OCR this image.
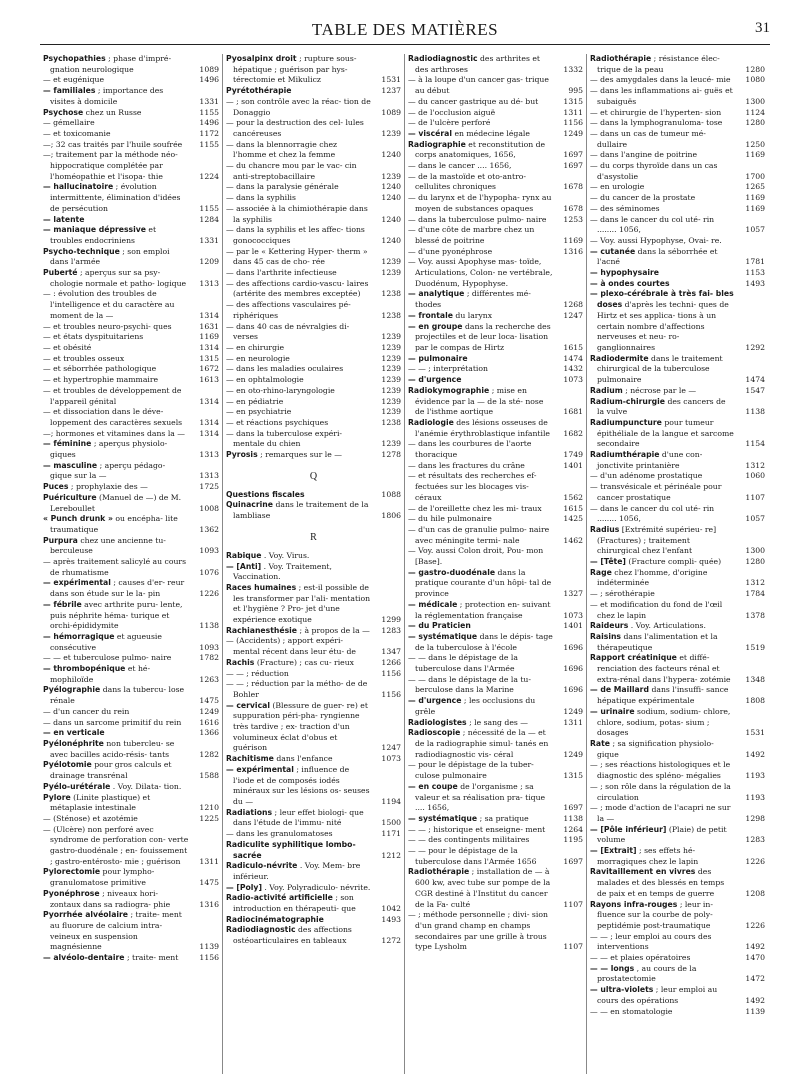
TABLE DES MATIÈRES	31

Psychopathies ; phase d'impré- gnation neurologique	1089

— et eugénique	1496

— familiales ; importance des visites à domicile	1331

Psychose chez un Russe	1155

— gémellaire	1496

— et toxicomanie	1172

—; 32 cas traités par l'huile soufrée 1155

—; traitement par la méthode néo-hippocratique complétée par l'homéopathie et l'isopa- thie	1224

— hallucinatoire ; évolution intermittente, élimination d'idées de persécution	1155

— latente	1284

— maniaque dépressive et troubles endocriniens	1331

Psycho-technique ; son emploi dans l'armée	1209

Puberté ; aperçus sur sa psy- chologie normale et patho- logique 1313

— : évolution des troubles de l'intelligence et du caractère au moment de la —	1314

— et troubles neuro-psychi- ques	1631

— et états dyspituitariens	1169

— et obésité	1314

— et troubles osseux	1315

— et séborrhée pathologique	1672

— et hypertrophie mammaire	1613

— et troubles de développement de l'appareil génital	1314

— et dissociation dans le déve- loppement des caractères sexuels 1314

—; hormones et vitamines dans la — 1314

— féminine ; aperçus physiolo- giques	1313

— masculine ; aperçu pédago- gique sur la —	1313

Puces ; prophylaxie des —	1725

Puériculture (Manuel de —) de M. Lereboullet	1008

« Punch drunk » ou encépha- lite traumatique	1362

Purpura chez une ancienne tu- berculeuse	1093

— après traitement salicylé au cours de rhumatisme	1076

— expérimental ; causes d'er- reur dans son étude sur le la- pin	1226

— fébrile avec arthrite puru- lente, puis néphrite héma- turique et orchi-épididymite	1138

— hémorragique et agueusie consécutive	1093

— — et tuberculose pulmo- naire	1782

— thrombopénique et hé- mophiloïde	1263

Pyélographie dans la tubercu- lose rénale	1475

— d'un cancer du rein	1249

— dans un sarcome primitif du rein 1616

— en verticale	1366

Pyélonéphrite non tubercleu- se avec bacilles acido-résis- tants	1282

Pyélotomie pour gros calculs et drainage transrénal	1588

Pyélo-urétérale . Voy. Dilata- tion.

Pylore (Linite plastique) et métaplasie intestinale	1210

— (Sténose) et azotémie	1225

— (Ulcère) non perforé avec syndrome de perforation con- verte gastro-duodénale ; en- fouissement ; gastro-entérosto- mie ; guérison 1311

Pylorectomie pour lympho- granulomatose primitive	1475

Pyonéphrose ; niveaux hori- zontaux dans sa radiogra- phie	1316

Pyorrhée alvéolaire ; traite- ment au fluorure de calcium intra-veineux en suspension magnésienne	1139

— alvéolo-dentaire ; traite- ment	1156

Pyosalpinx droit ; rupture sous- hépatique ; guérison par hys- térectomie et Mikulicz	1531

Pyrétothérapie	1237

— ; son contrôle avec la réac- tion de Donaggio	1089

— pour la destruction des cel- lules cancéreuses	1239

— dans la blennorragie chez l'homme et chez la femme	1240

— du chancre mou par le vac- cin anti-streptobacillaire	1239

— dans la paralysie générale	1240

— dans la syphilis	1240

— associée à la chimiothérapie dans la syphilis	1240

— dans la syphilis et les affec- tions gonococciques	1240

— par le « Kettering Hyper- therm » dans 45 cas de cho- rée	1239

— dans l'arthrite infectieuse	1239

— des affections cardio-vascu- laires (artérite des membres exceptée)	1238

— des affections vasculaires pé- riphériques	1238

— dans 40 cas de névralgies di- verses	1239

— en chirurgie	1239

— en neurologie	1239

— dans les maladies oculaires	1239

— en ophtalmologie	1239

— en oto-rhino-laryngologie	1239

— en pédiatrie	1239

— en psychiatrie	1239

— et réactions psychiques	1238

— dans la tuberculose expéri- mentale du chien	1239

Pyrosis ; remarques sur le —	1278

Q

Questions fiscales	1088

Quinacrine dans le traitement de la lambliase	1806

R

Rabique . Voy. Virus.

— [Anti] . Voy. Traitement, Vaccination.

Races humaines ; est-il possible de les transformer par l'ali- mentation et l'hygiène ? Pro- jet d'une expérience exotique	1299

Rachianesthésie ; à propos de la — 1283

— (Accidents) ; apport expéri- mental récent dans leur étu- de	1347

Rachis (Fracture) ; cas cu- rieux	1266

— — ; réduction	1156

— — ; réduction par la métho- de de Bohler	1156

— cervical (Blessure de guer- re) et suppuration péri-pha- ryngienne très tardive ; ex- traction d'un volumineux éclat d'obus et guérison	1247

Rachitisme dans l'enfance	1073

— expérimental ; influence de l'iode et de composés iodés minéraux sur les lésions os- seuses du —	1194

Radiations ; leur effet biologi- que dans l'étude de l'immu- nité	1500

— dans les granulomatoses	1171

Radiculite syphilitique lombo- sacrée	1212

Radiculo-névrite . Voy. Mem- bre inférieur.

— [Poly] . Voy. Polyradiculo- névrite.

Radio-activité artificielle ; son introduction en thérapeuti- que	1042

Radiocinématographie	1493

Radiodiagnostic des affections ostéoarticulaires en tableaux	1272

Radiodiagnostic des arthrites et des arthroses	1332

— à la loupe d'un cancer gas- trique au début	995

— du cancer gastrique au dé- but	1315

— de l'occlusion aiguë	1311

— de l'ulcère perforé	1156

— viscéral en médecine légale	1249

Radiographie et reconstitution de corps anatomiques, 1656,	1697

— dans le cancer .... 1656,	1697

— de la mastoïde et oto-antro- cellulites chroniques	1678

— du larynx et de l'hypopha- rynx au moyen de substances opaques	1678

— dans la tuberculose pulmo- naire 1253

— d'une côte de marbre chez un blessé de poitrine	1169

— d'une pyonéphrose	1316

— Voy. aussi Apophyse mas- toïde, Articulations, Colon- ne vertébrale, Duodénum, Hypophyse.

— analytique ; différentes mé- thodes	1268

— frontale du larynx	1247

— en groupe dans la recherche des projectiles et de leur loca- lisation par le compas de Hirtz	1615

— pulmonaire	1474

— — ; interprétation	1432

— d'urgence	1073

Radiokymographie ; mise en évidence par la — de la sté- nose de l'isthme aortique	1681

Radiologie des lésions osseuses de l'anémie érythroblastique infantile 1682

— dans les courbures de l'aorte thoracique	1749

— dans les fractures du crâne	1401

— et résultats des recherches ef- fectuées sur les blocages vis- céraux	1562

— de l'oreillette chez les mi- traux	1615

— du hile pulmonaire	1425

— d'un cas de granulie pulmo- naire avec méningite termi- nale	1462

— Voy. aussi Colon droit, Pou- mon [Base].

— gastro-duodénale dans la pratique courante d'un hôpi- tal de province	1327

— médicale ; protection en- suivant la réglementation française	1073

— du Praticien	1401

— systématique dans le dépis- tage de la tuberculose à l'école	1696

— — dans le dépistage de la tuberculose dans l'Armée	1696

— — dans le dépistage de la tu- berculose dans la Marine	1696

— d'urgence ; les occlusions du grêle	1249

Radiologistes ; le sang des —	1311

Radioscopie ; nécessité de la — et de la radiographie simul- tanés en radiodiagnostic vis- céral	1249

— pour le dépistage de la tuber- culose pulmonaire	1315

— en coupe de l'organisme ; sa valeur et sa réalisation pra- tique .... 1656,	1697

— systématique ; sa pratique	1138

— — ; historique et enseigne- ment 1264

— — des contingents militaires	1195

— — pour le dépistage de la tuberculose dans l'Armée 1656	1697

Radiothérapie ; installation de — à 600 kw, avec tube sur pompe de la CGR destiné à l'Institut du cancer de la Fa- culté	1107

— ; méthode personnelle ; divi- sion d'un grand champ en champs secondaires par une grille à trous type Lysholm	1107

Radiothérapie ; résistance élec- trique de la peau	1280

— des amygdales dans la leucé- mie 1080

— dans les inflammations ai- guës et subaiguës	1300

— et chirurgie de l'hyperten- sion	1124

— dans la lymphogranuloma- tose	1280

— dans un cas de tumeur mé- dullaire	1250

— dans l'angine de poitrine	1169

— du corps thyroïde dans un cas d'asystolie	1700

— en urologie	1265

— du cancer de la prostate	1169

— des séminomes	1169

— dans le cancer du col uté- rin ........ 1056,	1057

— Voy. aussi Hypophyse, Ovai- re.

— cutanée dans la séborrhée et l'acné	1781

— hypophysaire	1153

— à ondes courtes	1493

— plexo-cérébrale à très fai- bles doses d'après les techni- ques de Hirtz et ses applica- tions à un certain nombre d'affections nerveuses et neu- ro-ganglionnaires	1292

Radiodermite dans le traitement chirurgical de la tuberculose pulmonaire	1474

Radium ; nécrose par le —	1547

Radium-chirurgie des cancers de la vulve	1138

Radiumpuncture pour tumeur épithéliale de la langue et sarcome secondaire	1154

Radiumthérapie d'une con- jonctivite printanière	1312

— d'un adénome prostatique	1060

— transvésicale et périnéale pour cancer prostatique	1107

— dans le cancer du col uté- rin ........ 1056,	1057

Radius [Extrémité supérieu- re] (Fractures) ; traitement chirurgical chez l'enfant	1300

— [Tête] (Fracture compli- quée)	1280

Rage chez l'homme, d'origine indéterminée	1312

— ; sérothérapie	1784

— et modification du fond de l'œil chez le lapin	1378

Raideurs . Voy. Articulations.

Raisins dans l'alimentation et la thérapeutique	1519

Rapport créatinique et diffé- renciation des facteurs rénal et extra-rénal dans l'hypera- zotémie 1348

— de Maillard dans l'insuffi- sance hépatique expérimentale	1808

— urinaire sodium, sodium- chlore, chlore, sodium, potas- sium ; dosages	1531

Rate ; sa signification physiolo- gique	1492

— ; ses réactions histologiques et le diagnostic des spléno- mégalies	1193

— ; son rôle dans la régulation de la circulation	1193

— ; mode d'action de l'acapri ne sur la —	1298

— [Pôle inférieur] (Plaie) de petit volume	1283

— [Extrait] ; ses effets hé- morragiques chez le lapin	1226

Ravitaillement en vivres des malades et des blessés en temps de paix et en temps de guerre	1208

Rayons infra-rouges ; leur in- fluence sur la courbe de poly- peptidémie post-traumatique	1226

— — ; leur emploi au cours des interventions	1492

— — et plaies opératoires	1470

— — longs , au cours de la prostatectomie	1472

— ultra-violets ; leur emploi au cours des opérations	1492

— — en stomatologie	1139
